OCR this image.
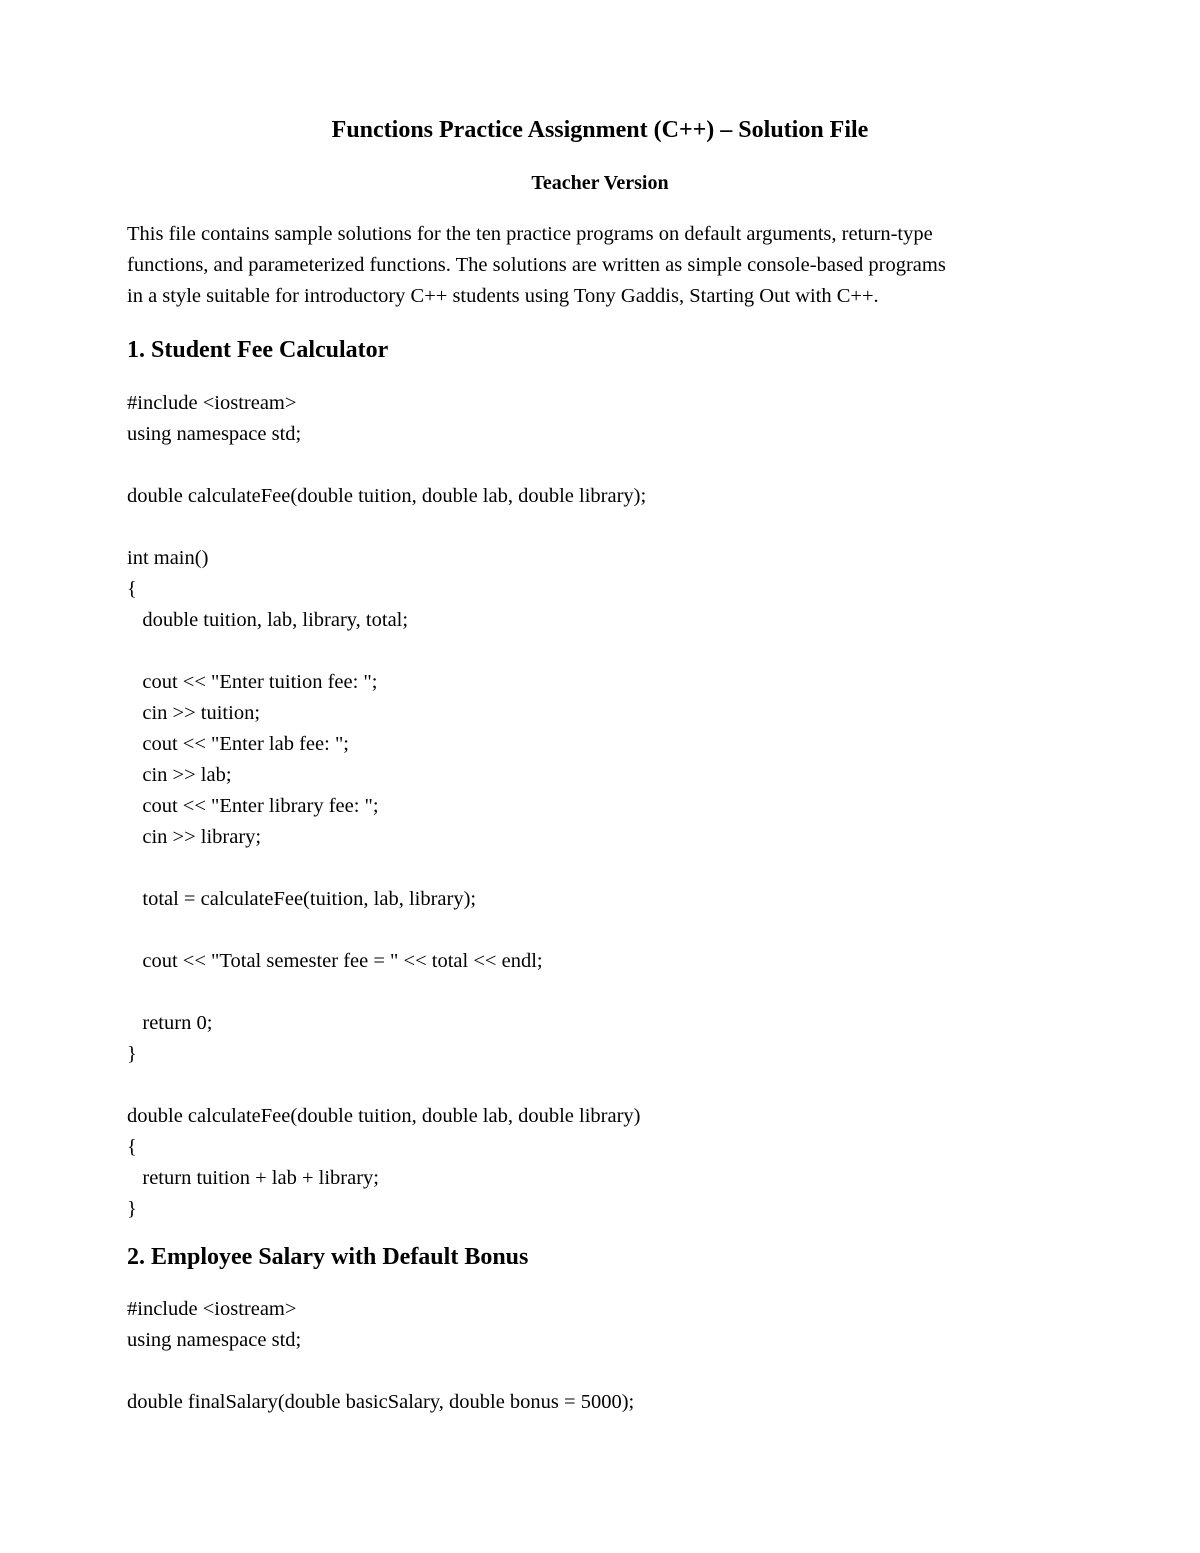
Functions Practice Assignment (C++) – Solution File
Teacher Version
This file contains sample solutions for the ten practice programs on default arguments, return-type
functions, and parameterized functions. The solutions are written as simple console-based programs
in a style suitable for introductory C++ students using Tony Gaddis, Starting Out with C++.
1. Student Fee Calculator
#include <iostream>
using namespace std;
double calculateFee(double tuition, double lab, double library);
int main()
{
double tuition, lab, library, total;
cout << "Enter tuition fee: ";
cin >> tuition;
cout << "Enter lab fee: ";
cin >> lab;
cout << "Enter library fee: ";
cin >> library;
total = calculateFee(tuition, lab, library);
cout << "Total semester fee = " << total << endl;
return 0;
}
double calculateFee(double tuition, double lab, double library)
{
return tuition + lab + library;
}
2. Employee Salary with Default Bonus
#include <iostream>
using namespace std;
double finalSalary(double basicSalary, double bonus = 5000);
